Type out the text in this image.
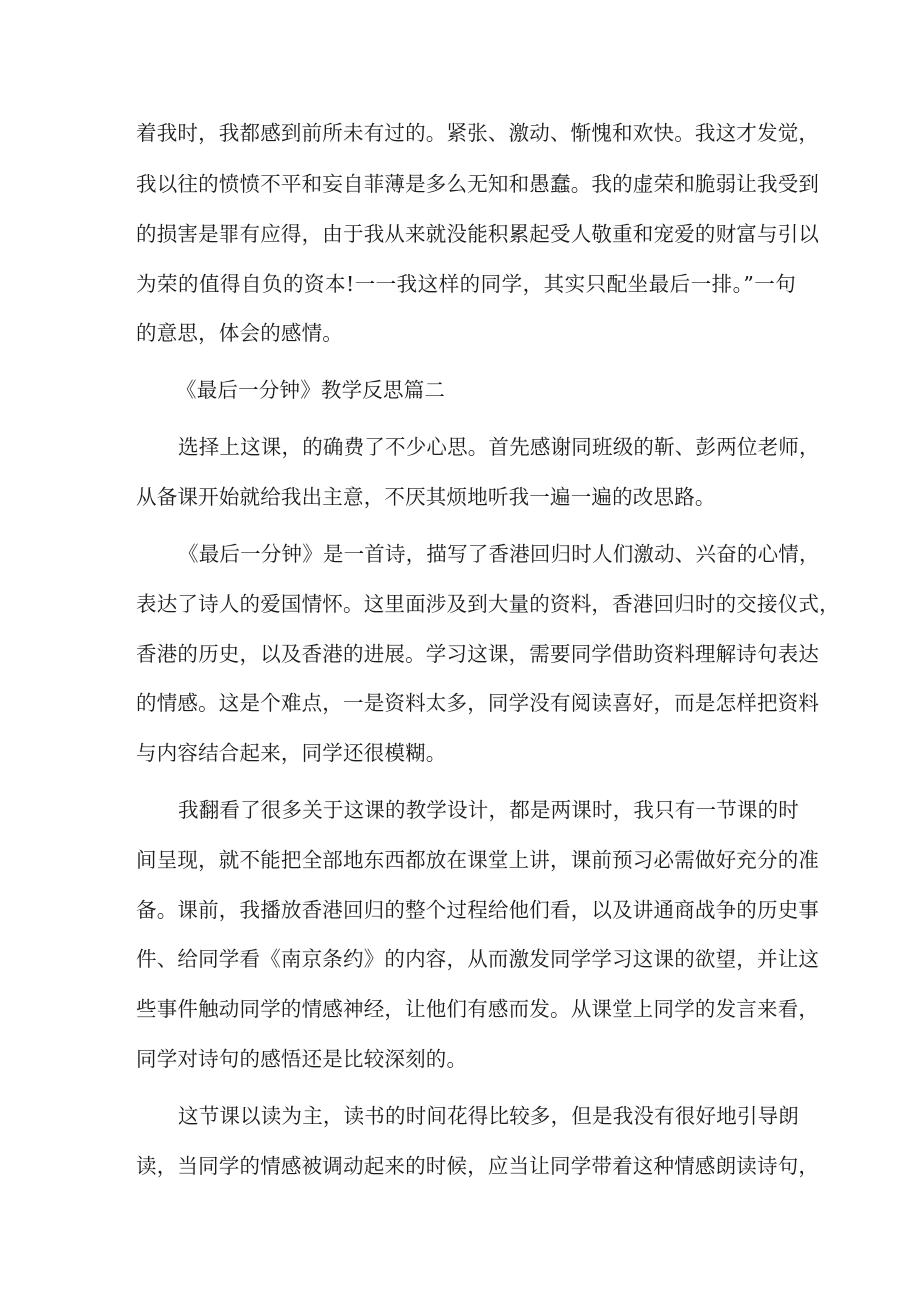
着我时，我都感到前所未有过的。紧张、激动、惭愧和欢快。我这才发觉，
我以往的愤愤不平和妄自菲薄是多么无知和愚蠢。我的虚荣和脆弱让我受到
的损害是罪有应得，由于我从来就没能积累起受人敬重和宠爱的财富与引以
为荣的值得自负的资本!一一我这样的同学，其实只配坐最后一排。”一句
的意思，体会的感情。
《最后一分钟》教学反思篇二
选择上这课，的确费了不少心思。首先感谢同班级的靳、彭两位老师，
从备课开始就给我出主意，不厌其烦地听我一遍一遍的改思路。
《最后一分钟》是一首诗，描写了香港回归时人们激动、兴奋的心情，
表达了诗人的爱国情怀。这里面涉及到大量的资料，香港回归时的交接仪式，
香港的历史，以及香港的进展。学习这课，需要同学借助资料理解诗句表达
的情感。这是个难点，一是资料太多，同学没有阅读喜好，而是怎样把资料
与内容结合起来，同学还很模糊。
我翻看了很多关于这课的教学设计，都是两课时，我只有一节课的时
间呈现，就不能把全部地东西都放在课堂上讲，课前预习必需做好充分的准
备。课前，我播放香港回归的整个过程给他们看，以及讲通商战争的历史事
件、给同学看《南京条约》的内容，从而激发同学学习这课的欲望，并让这
些事件触动同学的情感神经，让他们有感而发。从课堂上同学的发言来看，
同学对诗句的感悟还是比较深刻的。
这节课以读为主，读书的时间花得比较多，但是我没有很好地引导朗
读，当同学的情感被调动起来的时候，应当让同学带着这种情感朗读诗句，
